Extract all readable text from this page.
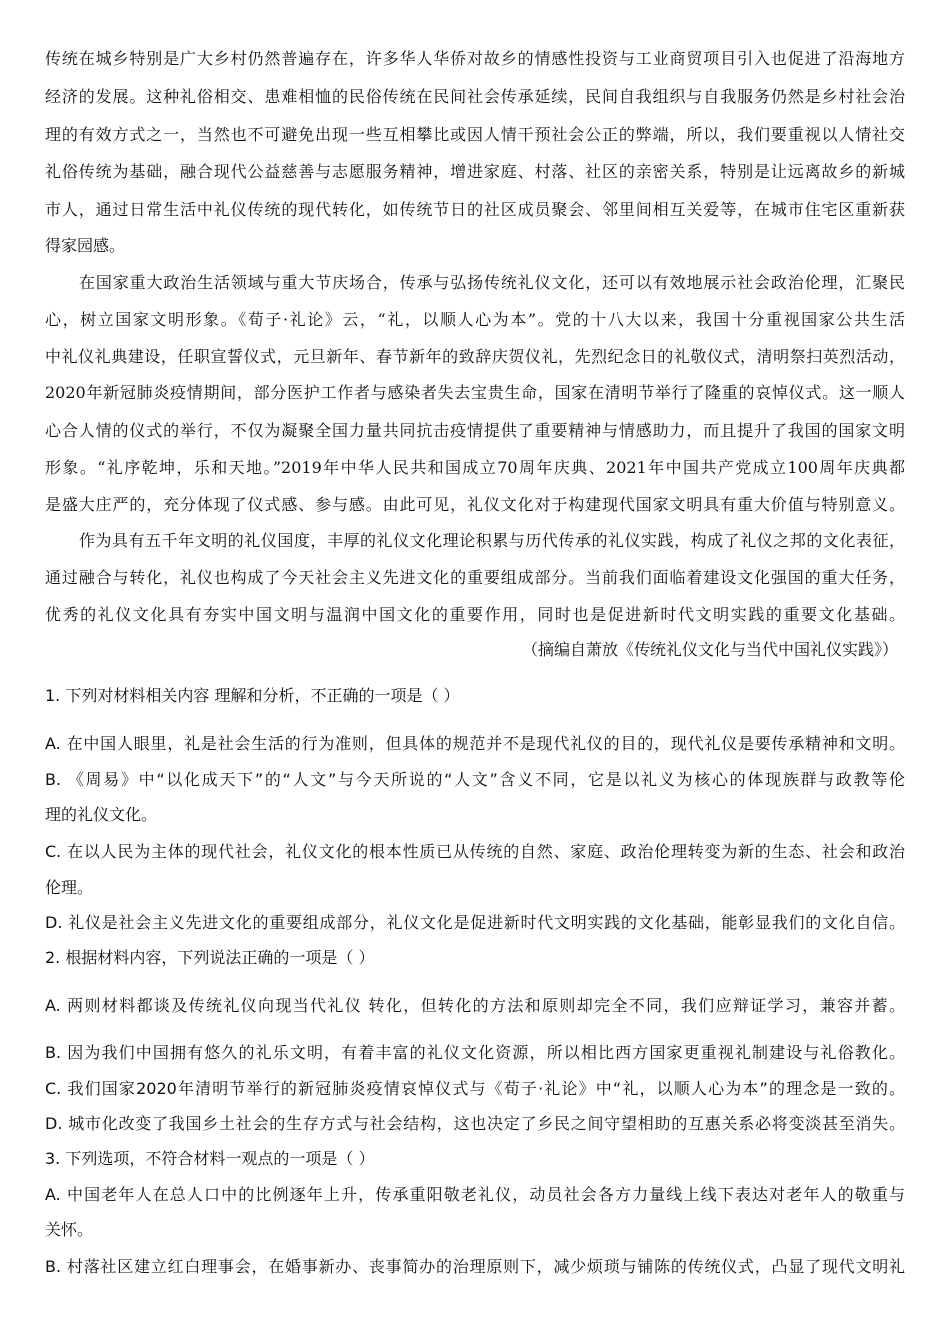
传统在城乡特别是广大乡村仍然普遍存在，许多华人华侨对故乡的情感性投资与工业商贸项目引入也促进了沿海地方
经济的发展。这种礼俗相交、患难相恤的民俗传统在民间社会传承延续，民间自我组织与自我服务仍然是乡村社会治
理的有效方式之一，当然也不可避免出现一些互相攀比或因人情干预社会公正的弊端，所以，我们要重视以人情社交
礼俗传统为基础，融合现代公益慈善与志愿服务精神，增进家庭、村落、社区的亲密关系，特别是让远离故乡的新城
市人，通过日常生活中礼仪传统的现代转化，如传统节日的社区成员聚会、邻里间相互关爱等，在城市住宅区重新获
得家园感。
在国家重大政治生活领域与重大节庆场合，传承与弘扬传统礼仪文化，还可以有效地展示社会政治伦理，汇聚民
心，树立国家文明形象。《荀子·礼论》云，“礼，以顺人心为本”。党的十八大以来，我国十分重视国家公共生活
中礼仪礼典建设，任职宣誓仪式，元旦新年、春节新年的致辞庆贺仪礼，先烈纪念日的礼敬仪式，清明祭扫英烈活动，
2020年新冠肺炎疫情期间，部分医护工作者与感染者失去宝贵生命，国家在清明节举行了隆重的哀悼仪式。这一顺人
心合人情的仪式的举行，不仅为凝聚全国力量共同抗击疫情提供了重要精神与情感助力，而且提升了我国的国家文明
形象。“礼序乾坤，乐和天地。”2019年中华人民共和国成立70周年庆典、2021年中国共产党成立100周年庆典都
是盛大庄严的，充分体现了仪式感、参与感。由此可见，礼仪文化对于构建现代国家文明具有重大价值与特别意义。
作为具有五千年文明的礼仪国度，丰厚的礼仪文化理论积累与历代传承的礼仪实践，构成了礼仪之邦的文化表征，
通过融合与转化，礼仪也构成了今天社会主义先进文化的重要组成部分。当前我们面临着建设文化强国的重大任务，
优秀的礼仪文化具有夯实中国文明与温润中国文化的重要作用，同时也是促进新时代文明实践的重要文化基础。
（摘编自萧放《传统礼仪文化与当代中国礼仪实践》）
1. 下列对材料相关内容 理解和分析，不正确的一项是（ ）
A. 在中国人眼里，礼是社会生活的行为准则，但具体的规范并不是现代礼仪的目的，现代礼仪是要传承精神和文明。
B. 《周易》中“以化成天下”的“人文”与今天所说的“人文”含义不同，它是以礼义为核心的体现族群与政教等伦
理的礼仪文化。
C. 在以人民为主体的现代社会，礼仪文化的根本性质已从传统的自然、家庭、政治伦理转变为新的生态、社会和政治
伦理。
D. 礼仪是社会主义先进文化的重要组成部分，礼仪文化是促进新时代文明实践的文化基础，能彰显我们的文化自信。
2. 根据材料内容，下列说法正确的一项是（ ）
A. 两则材料都谈及传统礼仪向现当代礼仪 转化，但转化的方法和原则却完全不同，我们应辩证学习，兼容并蓄。
B. 因为我们中国拥有悠久的礼乐文明，有着丰富的礼仪文化资源，所以相比西方国家更重视礼制建设与礼俗教化。
C. 我们国家2020年清明节举行的新冠肺炎疫情哀悼仪式与《荀子·礼论》中“礼，以顺人心为本”的理念是一致的。
D. 城市化改变了我国乡土社会的生存方式与社会结构，这也决定了乡民之间守望相助的互惠关系必将变淡甚至消失。
3. 下列选项，不符合材料一观点的一项是（ ）
A. 中国老年人在总人口中的比例逐年上升，传承重阳敬老礼仪，动员社会各方力量线上线下表达对老年人的敬重与
关怀。
B. 村落社区建立红白理事会，在婚事新办、丧事简办的治理原则下，减少烦琐与铺陈的传统仪式，凸显了现代文明礼
